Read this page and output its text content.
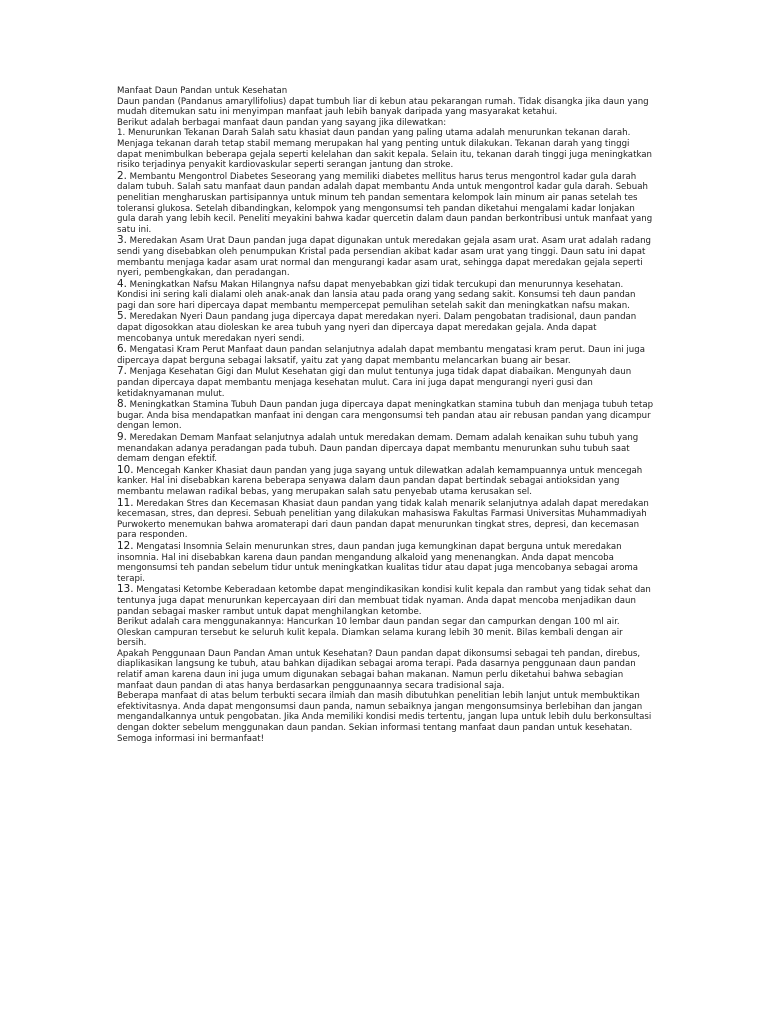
Manfaat Daun Pandan untuk Kesehatan

Daun pandan (Pandanus amaryllifolius) dapat tumbuh liar di kebun atau pekarangan rumah. Tidak disangka jika daun yang mudah ditemukan satu ini menyimpan manfaat jauh lebih banyak daripada yang masyarakat ketahui.

Berikut adalah berbagai manfaat daun pandan yang sayang jika dilewatkan:

1. Menurunkan Tekanan Darah Salah satu khasiat daun pandan yang paling utama adalah menurunkan tekanan darah. Menjaga tekanan darah tetap stabil memang merupakan hal yang penting untuk dilakukan. Tekanan darah yang tinggi dapat menimbulkan beberapa gejala seperti kelelahan dan sakit kepala. Selain itu, tekanan darah tinggi juga meningkatkan risiko terjadinya penyakit kardiovaskular seperti serangan jantung dan stroke.

2. Membantu Mengontrol Diabetes Seseorang yang memiliki diabetes mellitus harus terus mengontrol kadar gula darah dalam tubuh. Salah satu manfaat daun pandan adalah dapat membantu Anda untuk mengontrol kadar gula darah. Sebuah penelitian mengharuskan partisipannya untuk minum teh pandan sementara kelompok lain minum air panas setelah tes toleransi glukosa. Setelah dibandingkan, kelompok yang mengonsumsi teh pandan diketahui mengalami kadar lonjakan gula darah yang lebih kecil. Peneliti meyakini bahwa kadar quercetin dalam daun pandan berkontribusi untuk manfaat yang satu ini.

3. Meredakan Asam Urat Daun pandan juga dapat digunakan untuk meredakan gejala asam urat. Asam urat adalah radang sendi yang disebabkan oleh penumpukan Kristal pada persendian akibat kadar asam urat yang tinggi. Daun satu ini dapat membantu menjaga kadar asam urat normal dan mengurangi kadar asam urat, sehingga dapat meredakan gejala seperti nyeri, pembengkakan, dan peradangan.

4. Meningkatkan Nafsu Makan Hilangnya nafsu dapat menyebabkan gizi tidak tercukupi dan menurunnya kesehatan. Kondisi ini sering kali dialami oleh anak-anak dan lansia atau pada orang yang sedang sakit. Konsumsi teh daun pandan pagi dan sore hari dipercaya dapat membantu mempercepat pemulihan setelah sakit dan meningkatkan nafsu makan.

5. Meredakan Nyeri Daun pandang juga dipercaya dapat meredakan nyeri. Dalam pengobatan tradisional, daun pandan dapat digosokkan atau dioleskan ke area tubuh yang nyeri dan dipercaya dapat meredakan gejala. Anda dapat mencobanya untuk meredakan nyeri sendi.

6. Mengatasi Kram Perut Manfaat daun pandan selanjutnya adalah dapat membantu mengatasi kram perut. Daun ini juga dipercaya dapat berguna sebagai laksatif, yaitu zat yang dapat membantu melancarkan buang air besar.

7. Menjaga Kesehatan Gigi dan Mulut Kesehatan gigi dan mulut tentunya juga tidak dapat diabaikan. Mengunyah daun pandan dipercaya dapat membantu menjaga kesehatan mulut. Cara ini juga dapat mengurangi nyeri gusi dan ketidaknyamanan mulut.

8. Meningkatkan Stamina Tubuh Daun pandan juga dipercaya dapat meningkatkan stamina tubuh dan menjaga tubuh tetap bugar. Anda bisa mendapatkan manfaat ini dengan cara mengonsumsi teh pandan atau air rebusan pandan yang dicampur dengan lemon.

9. Meredakan Demam Manfaat selanjutnya adalah untuk meredakan demam. Demam adalah kenaikan suhu tubuh yang menandakan adanya peradangan pada tubuh. Daun pandan dipercaya dapat membantu menurunkan suhu tubuh saat demam dengan efektif.

10. Mencegah Kanker Khasiat daun pandan yang juga sayang untuk dilewatkan adalah kemampuannya untuk mencegah kanker. Hal ini disebabkan karena beberapa senyawa dalam daun pandan dapat bertindak sebagai antioksidan yang membantu melawan radikal bebas, yang merupakan salah satu penyebab utama kerusakan sel.

11. Meredakan Stres dan Kecemasan Khasiat daun pandan yang tidak kalah menarik selanjutnya adalah dapat meredakan kecemasan, stres, dan depresi. Sebuah penelitian yang dilakukan mahasiswa Fakultas Farmasi Universitas Muhammadiyah Purwokerto menemukan bahwa aromaterapi dari daun pandan dapat menurunkan tingkat stres, depresi, dan kecemasan para responden.

12. Mengatasi Insomnia Selain menurunkan stres, daun pandan juga kemungkinan dapat berguna untuk meredakan insomnia. Hal ini disebabkan karena daun pandan mengandung alkaloid yang menenangkan. Anda dapat mencoba mengonsumsi teh pandan sebelum tidur untuk meningkatkan kualitas tidur atau dapat juga mencobanya sebagai aroma terapi.

13. Mengatasi Ketombe Keberadaan ketombe dapat mengindikasikan kondisi kulit kepala dan rambut yang tidak sehat dan tentunya juga dapat menurunkan kepercayaan diri dan membuat tidak nyaman. Anda dapat mencoba menjadikan daun pandan sebagai masker rambut untuk dapat menghilangkan ketombe.

Berikut adalah cara menggunakannya: Hancurkan 10 lembar daun pandan segar dan campurkan dengan 100 ml air. Oleskan campuran tersebut ke seluruh kulit kepala. Diamkan selama kurang lebih 30 menit. Bilas kembali dengan air bersih.

Apakah Penggunaan Daun Pandan Aman untuk Kesehatan? Daun pandan dapat dikonsumsi sebagai teh pandan, direbus, diaplikasikan langsung ke tubuh, atau bahkan dijadikan sebagai aroma terapi. Pada dasarnya penggunaan daun pandan relatif aman karena daun ini juga umum digunakan sebagai bahan makanan. Namun perlu diketahui bahwa sebagian manfaat daun pandan di atas hanya berdasarkan penggunaannya secara tradisional saja.

Beberapa manfaat di atas belum terbukti secara ilmiah dan masih dibutuhkan penelitian lebih lanjut untuk membuktikan efektivitasnya. Anda dapat mengonsumsi daun panda, namun sebaiknya jangan mengonsumsinya berlebihan dan jangan mengandalkannya untuk pengobatan. Jika Anda memiliki kondisi medis tertentu, jangan lupa untuk lebih dulu berkonsultasi dengan dokter sebelum menggunakan daun pandan. Sekian informasi tentang manfaat daun pandan untuk kesehatan. Semoga informasi ini bermanfaat!
